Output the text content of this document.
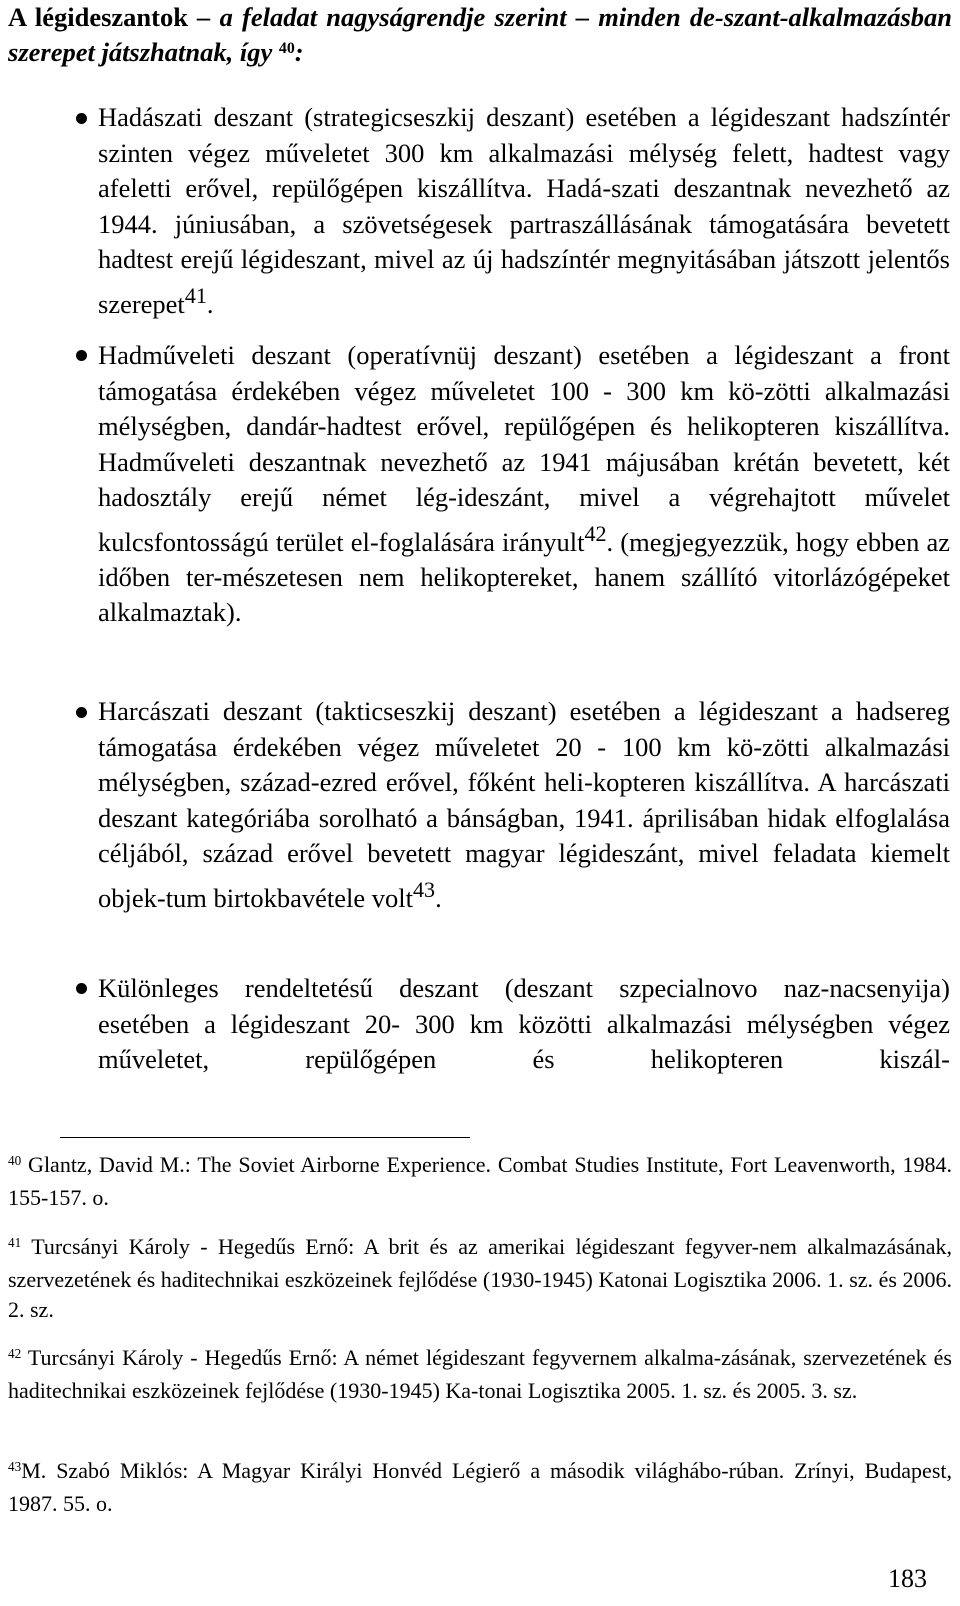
A légideszantok – a feladat nagyságrendje szerint – minden de-szant-alkalmazásban szerepet játszhatnak, így $^{40}$:
Hadászati deszant (strategicseszkij deszant) esetében a légideszant hadszíntér szinten végez műveletet 300 km alkalmazási mélység felett, hadtest vagy afeletti erővel, repülőgépen kiszállítva. Hadá-szati deszantnak nevezhető az 1944. júniusában, a szövetségesek partraszállásának támogatására bevetett hadtest erejű légideszant, mivel az új hadszíntér megnyitásában játszott jelentős szerepet$^{41}$.
Hadműveleti deszant (operatívnüj deszant) esetében a légideszant a front támogatása érdekében végez műveletet 100 - 300 km kö-zötti alkalmazási mélységben, dandár-hadtest erővel, repülőgépen és helikopteren kiszállítva. Hadműveleti deszantnak nevezhető az 1941 májusában krétán bevetett, két hadosztály erejű német lég-ideszánt, mivel a végrehajtott művelet kulcsfontosságú terület el-foglalására irányult$^{42}$. (megjegyezzük, hogy ebben az időben ter-mészetesen nem helikoptereket, hanem szállító vitorlázógépeket alkalmaztak).
Harcászati deszant (takticseszkij deszant) esetében a légideszant a hadsereg támogatása érdekében végez műveletet 20 - 100 km kö-zötti alkalmazási mélységben, század-ezred erővel, főként heli-kopteren kiszállítva. A harcászati deszant kategóriába sorolható a bánságban, 1941. áprilisában hidak elfoglalása céljából, század erővel bevetett magyar légideszánt, mivel feladata kiemelt objek-tum birtokbavétele volt$^{43}$.
Különleges rendeltetésű deszant (deszant szpecialnovo naz-nacsenyija) esetében a légideszant 20- 300 km közötti alkalmazási mélységben végez műveletet, repülőgépen és helikopteren kiszál-
$^{40}$ Glantz, David M.: The Soviet Airborne Experience. Combat Studies Institute, Fort Leavenworth, 1984. 155-157. o.
$^{41}$ Turcsányi Károly - Hegedűs Ernő: A brit és az amerikai légideszant fegyver-nem alkalmazásának, szervezetének és haditechnikai eszközeinek fejlődése (1930-1945) Katonai Logisztika 2006. 1. sz. és 2006. 2. sz.
$^{42}$ Turcsányi Károly - Hegedűs Ernő: A német légideszant fegyvernem alkalma-zásának, szervezetének és haditechnikai eszközeinek fejlődése (1930-1945) Ka-tonai Logisztika 2005. 1. sz. és 2005. 3. sz.
$^{43}$M. Szabó Miklós: A Magyar Királyi Honvéd Légierő a második világhábo-rúban. Zrínyi, Budapest, 1987. 55. o.
183
